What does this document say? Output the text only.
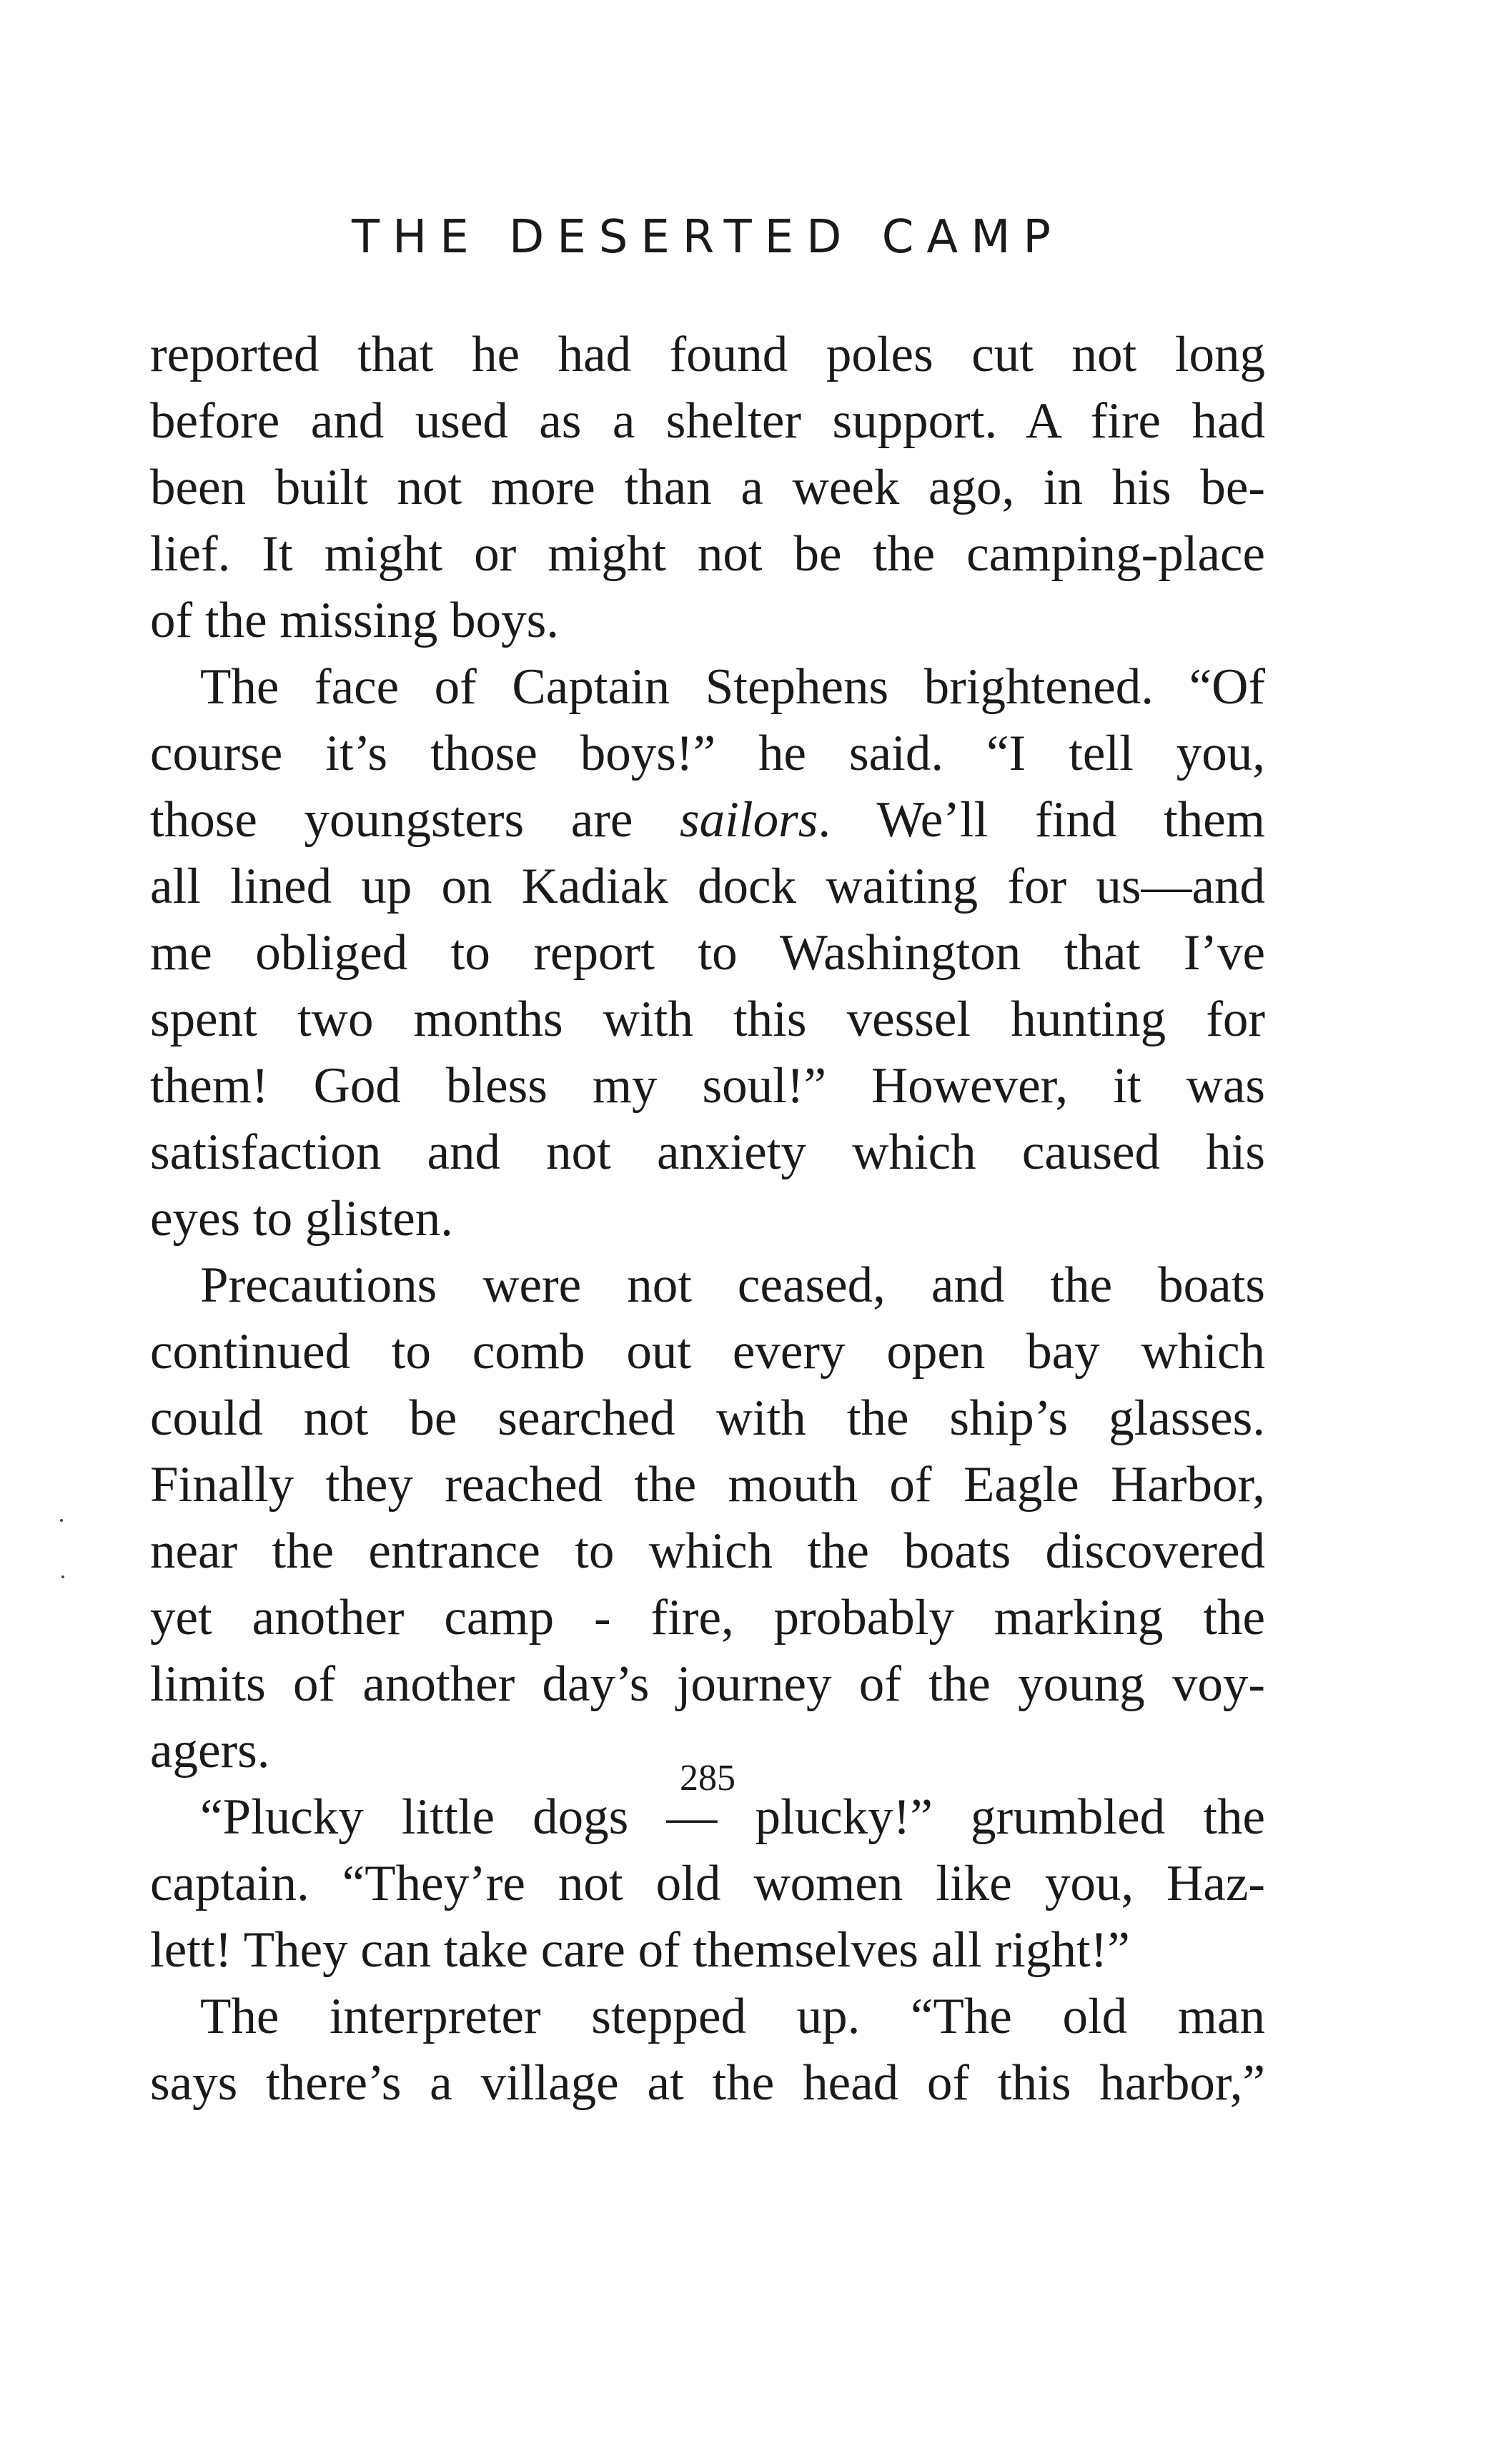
THE DESERTED CAMP
reported that he had found poles cut not long
before and used as a shelter support. A fire had
been built not more than a week ago, in his be-
lief. It might or might not be the camping-place
of the missing boys.
The face of Captain Stephens brightened. “Of
course it’s those boys!” he said. “I tell you,
those youngsters are sailors. We’ll find them
all lined up on Kadiak dock waiting for us—and
me obliged to report to Washington that I’ve
spent two months with this vessel hunting for
them! God bless my soul!” However, it was
satisfaction and not anxiety which caused his
eyes to glisten.
Precautions were not ceased, and the boats
continued to comb out every open bay which
could not be searched with the ship’s glasses.
Finally they reached the mouth of Eagle Harbor,
near the entrance to which the boats discovered
yet another camp - fire, probably marking the
limits of another day’s journey of the young voy-
agers.
“Plucky little dogs — plucky!” grumbled the
captain. “They’re not old women like you, Haz-
lett! They can take care of themselves all right!”
The interpreter stepped up. “The old man
says there’s a village at the head of this harbor,”
285
